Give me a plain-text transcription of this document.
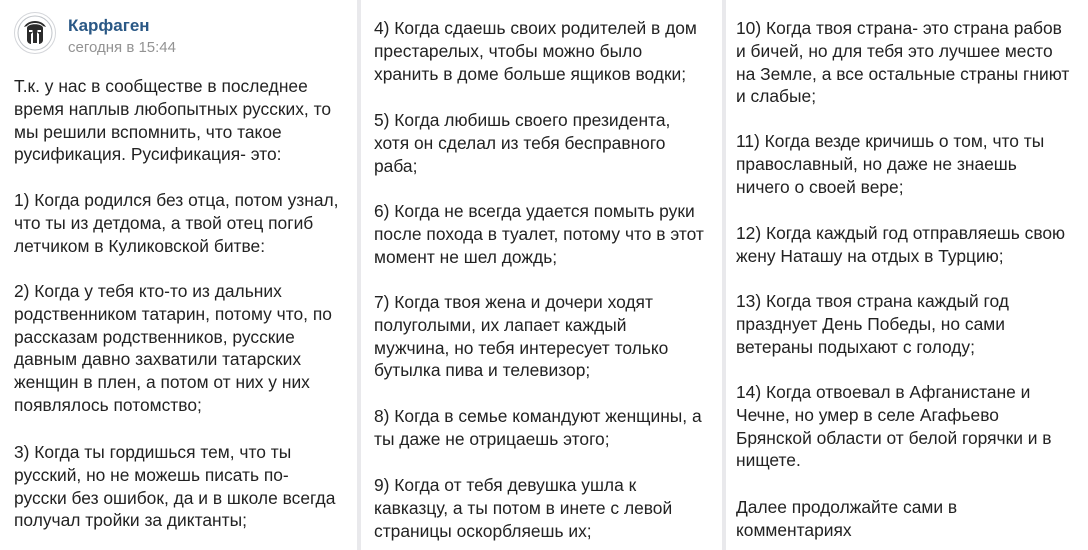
Карфаген
сегодня в 15:44
Т.к. у нас в сообществе в последнее
время наплыв любопытных русских, то
мы решили вспомнить, что такое
русификация. Русификация- это:
1) Когда родился без отца, потом узнал,
что ты из детдома, а твой отец погиб
летчиком в Куликовской битве:
2) Когда у тебя кто-то из дальних
родственником татарин, потому что, по
рассказам родственников, русские
давным давно захватили татарских
женщин в плен, а потом от них у них
появлялось потомство;
3) Когда ты гордишься тем, что ты
русский, но не можешь писать по-
русски без ошибок, да и в школе всегда
получал тройки за диктанты;
4) Когда сдаешь своих родителей в дом
престарелых, чтобы можно было
хранить в доме больше ящиков водки;
5) Когда любишь своего президента,
хотя он сделал из тебя бесправного
раба;
6) Когда не всегда удается помыть руки
после похода в туалет, потому что в этот
момент не шел дождь;
7) Когда твоя жена и дочери ходят
полуголыми, их лапает каждый
мужчина, но тебя интересует только
бутылка пива и телевизор;
8) Когда в семье командуют женщины, а
ты даже не отрицаешь этого;
9) Когда от тебя девушка ушла к
кавказцу, а ты потом в инете с левой
страницы оскорбляешь их;
10) Когда твоя страна- это страна рабов
и бичей, но для тебя это лучшее место
на Земле, а все остальные страны гниют
и слабые;
11) Когда везде кричишь о том, что ты
православный, но даже не знаешь
ничего о своей вере;
12) Когда каждый год отправляешь свою
жену Наташу на отдых в Турцию;
13) Когда твоя страна каждый год
празднует День Победы, но сами
ветераны подыхают с голоду;
14) Когда отвоевал в Афганистане и
Чечне, но умер в селе Агафьево
Брянской области от белой горячки и в
нищете.
Далее продолжайте сами в
комментариях
